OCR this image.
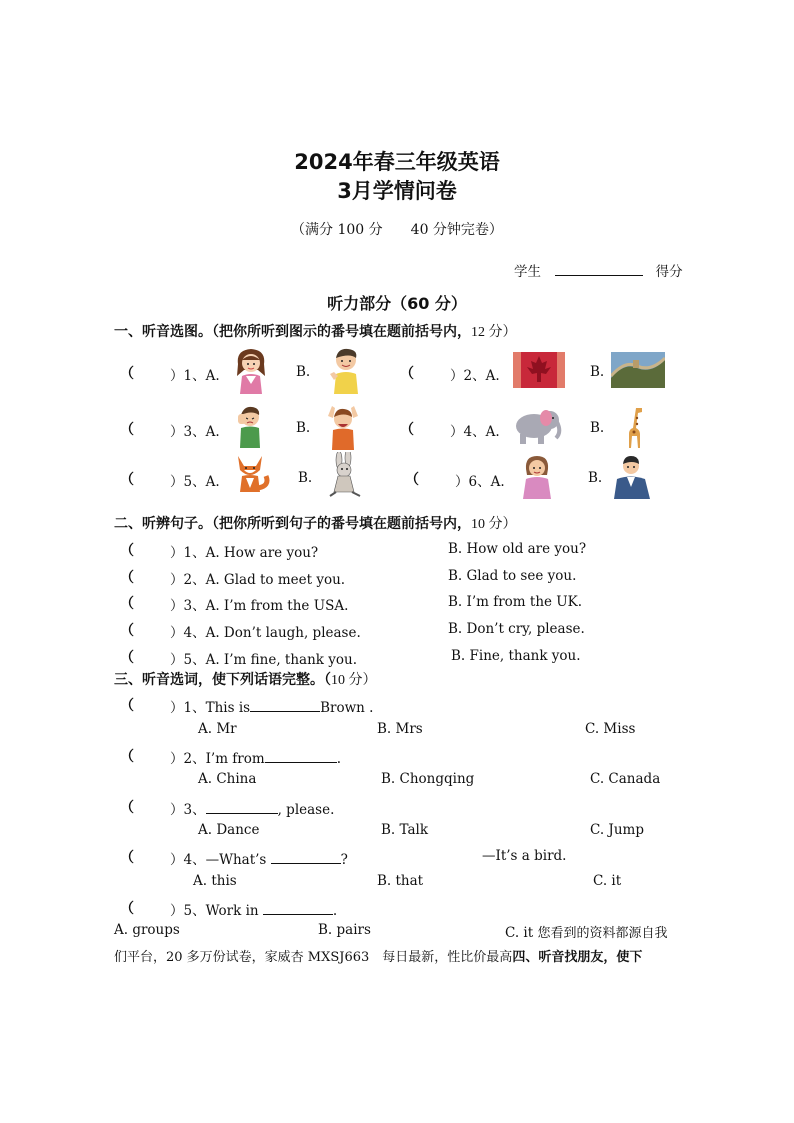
2024年春三年级英语
3月学情问卷
（满分 100 分　　40 分钟完卷）
学生	得分
听力部分（60 分）
一、听音选图。（把你所听到图示的番号填在题前括号内，12 分）
（	）1、A.	B.	（	）2、A.	B.
（	）3、A.	B.	（	）4、A.	B.
（	）5、A.	B.	（	）6、A.	B.
二、听辨句子。（把你所听到句子的番号填在题前括号内，10 分）
（	）1、A. How are you?	B. How old are you?
（	）2、A. Glad to meet you.	B. Glad to see you.
（	）3、A. I’m from the USA.	B. I’m from the UK.
（	）4、A. Don’t laugh, please.	B. Don’t cry, please.
（	）5、A. I’m fine, thank you.	B. Fine, thank you.
三、听音选词，使下列话语完整。（10 分）
（	）1、This is	Brown .
A. Mr	B. Mrs	C. Miss
（	）2、I’m from	.
A. China	B. Chongqing	C. Canada
（	）3、	, please.
A. Dance	B. Talk	C. Jump
（	）4、—What’s	?	—It’s a bird.
A. this	B. that	C. it
（	）5、Work in	.
A. groups	B. pairs	C. it 您看到的资料都源自我
们平台，20 多万份试卷，家威杏 MXSJ663　每日最新，性比价最高四、听音找朋友，使下
